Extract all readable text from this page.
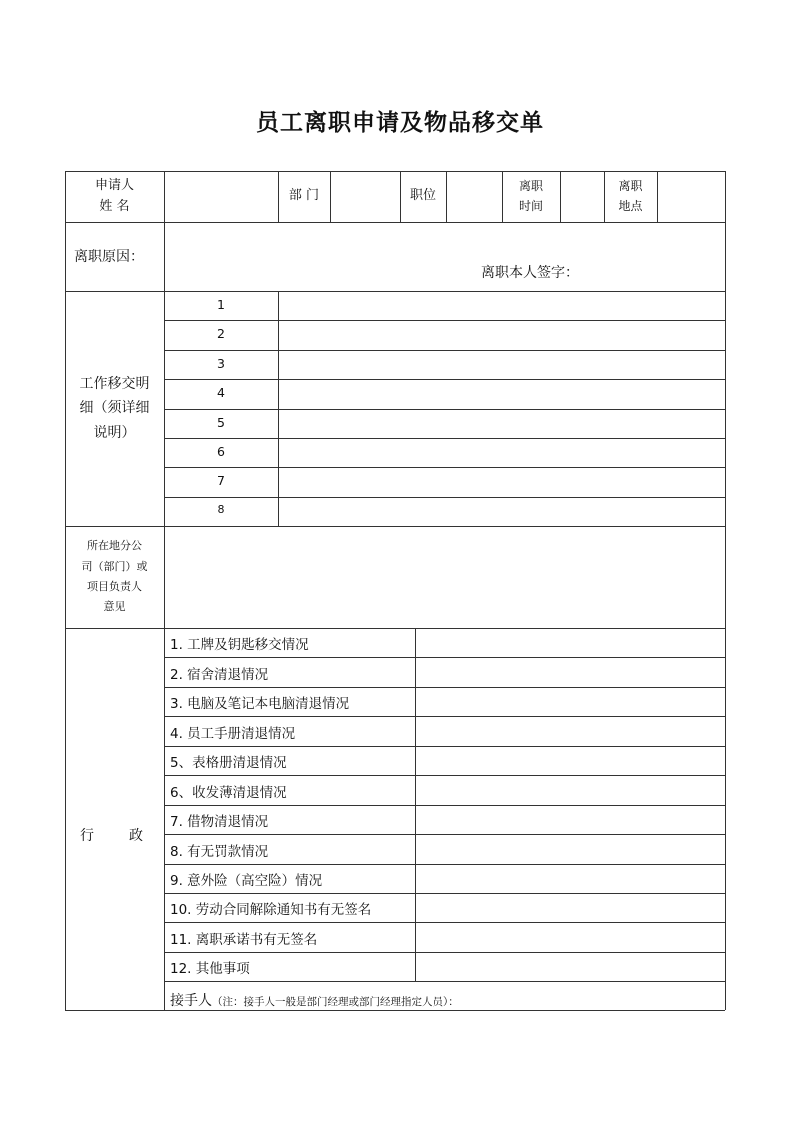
员工离职申请及物品移交单
申请人
姓 名
部 门	职位
离职
时间
离职
地点
离职原因：
离职本人签字：
工作移交明
细（须详细
说明）
1
2
3
4
5
6
7
8
所在地分公
司（部门）或
项目负责人
意见
行	政
1. 工牌及钥匙移交情况
2. 宿舍清退情况
3. 电脑及笔记本电脑清退情况
4. 员工手册清退情况
5、表格册清退情况
6、收发薄清退情况
7. 借物清退情况
8. 有无罚款情况
9. 意外险（高空险）情况
10. 劳动合同解除通知书有无签名
11. 离职承诺书有无签名
12. 其他事项
接手人（注：接手人一般是部门经理或部门经理指定人员）：
